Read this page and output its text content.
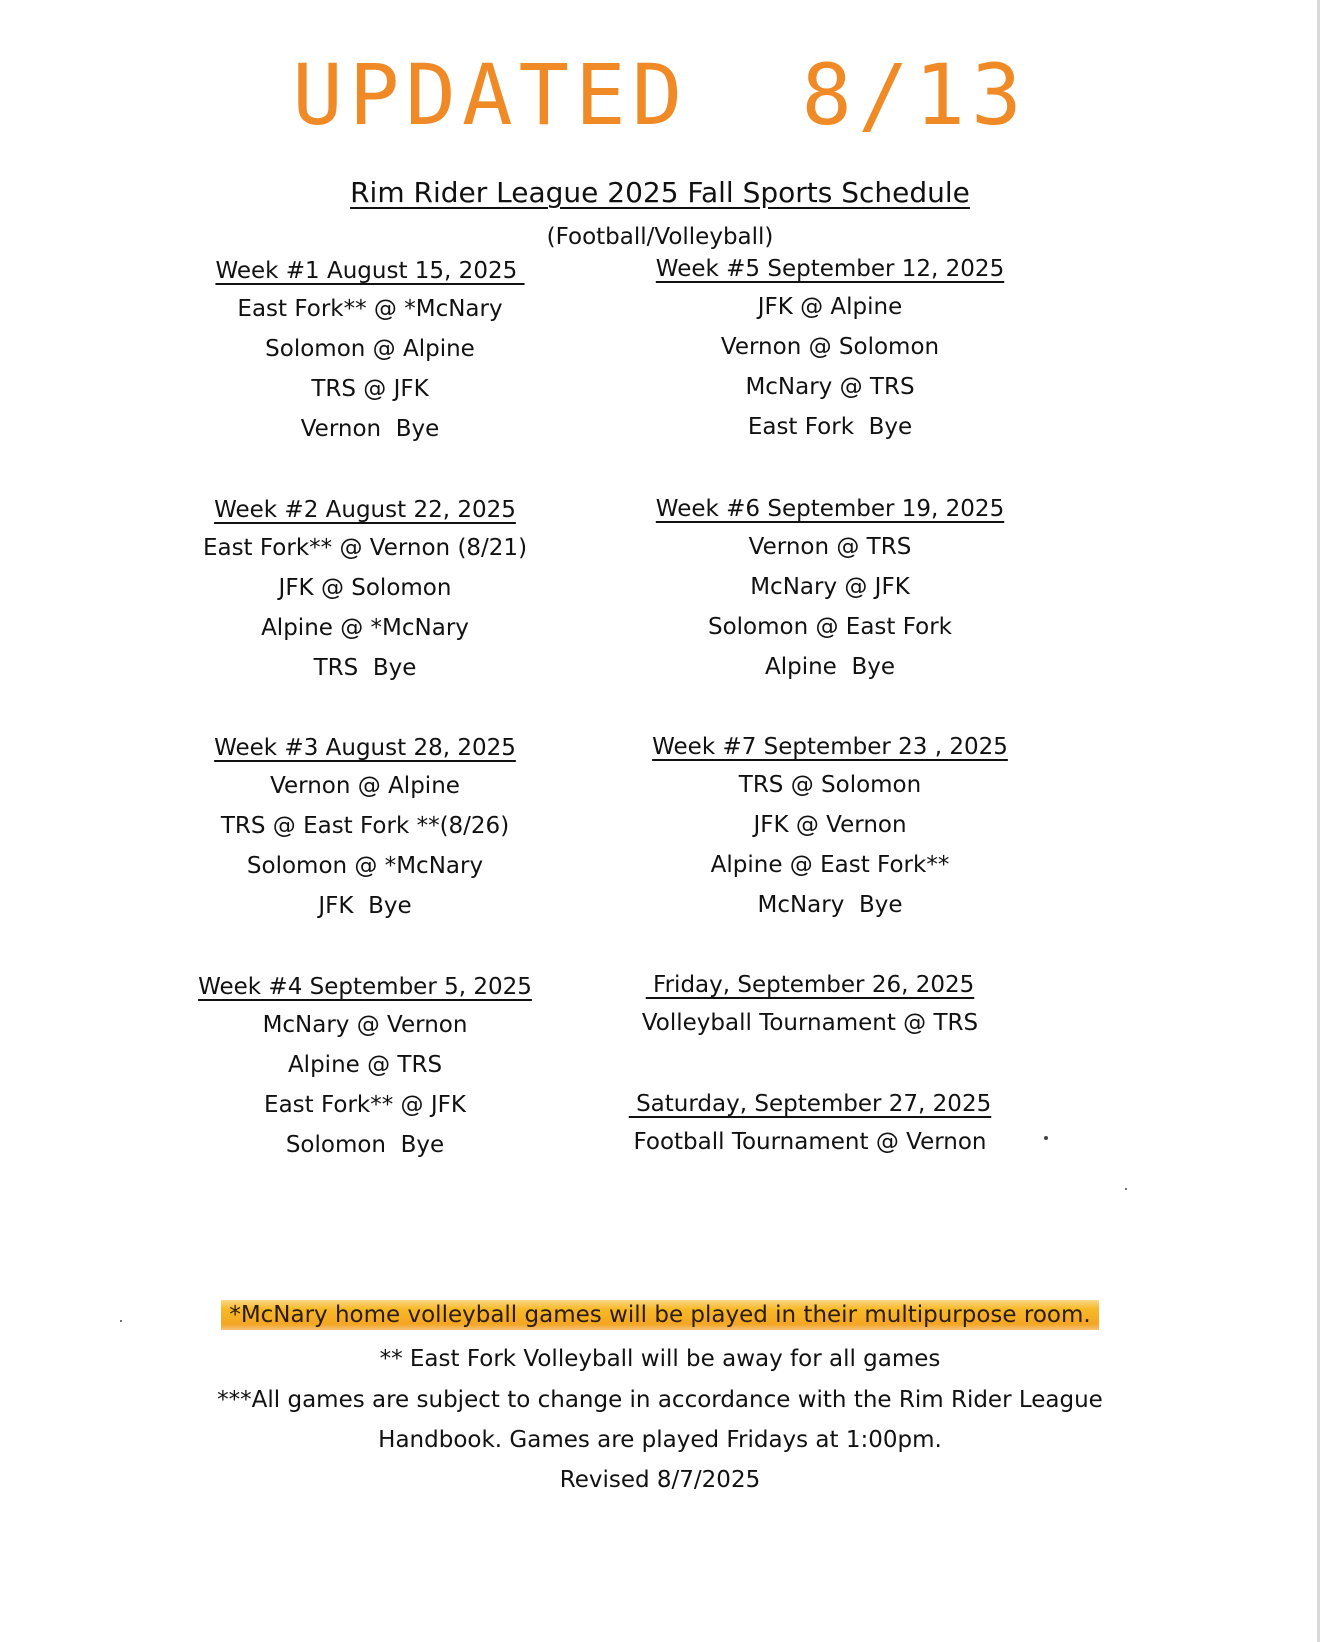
UPDATED  8/13
Rim Rider League 2025 Fall Sports Schedule
(Football/Volleyball)
Week #1 August 15, 2025
East Fork** @ *McNary
Solomon @ Alpine
TRS @ JFK
Vernon  Bye
Week #2 August 22, 2025
East Fork** @ Vernon (8/21)
JFK @ Solomon
Alpine @ *McNary
TRS  Bye
Week #3 August 28, 2025
Vernon @ Alpine
TRS @ East Fork **(8/26)
Solomon @ *McNary
JFK  Bye
Week #4 September 5, 2025
McNary @ Vernon
Alpine @ TRS
East Fork** @ JFK
Solomon  Bye
Week #5 September 12, 2025
JFK @ Alpine
Vernon @ Solomon
McNary @ TRS
East Fork  Bye
Week #6 September 19, 2025
Vernon @ TRS
McNary @ JFK
Solomon @ East Fork
Alpine  Bye
Week #7 September 23 , 2025
TRS @ Solomon
JFK @ Vernon
Alpine @ East Fork**
McNary  Bye
Friday, September 26, 2025
Volleyball Tournament @ TRS
Saturday, September 27, 2025
Football Tournament @ Vernon
*McNary home volleyball games will be played in their multipurpose room.
** East Fork Volleyball will be away for all games
***All games are subject to change in accordance with the Rim Rider League
Handbook. Games are played Fridays at 1:00pm.
Revised 8/7/2025
